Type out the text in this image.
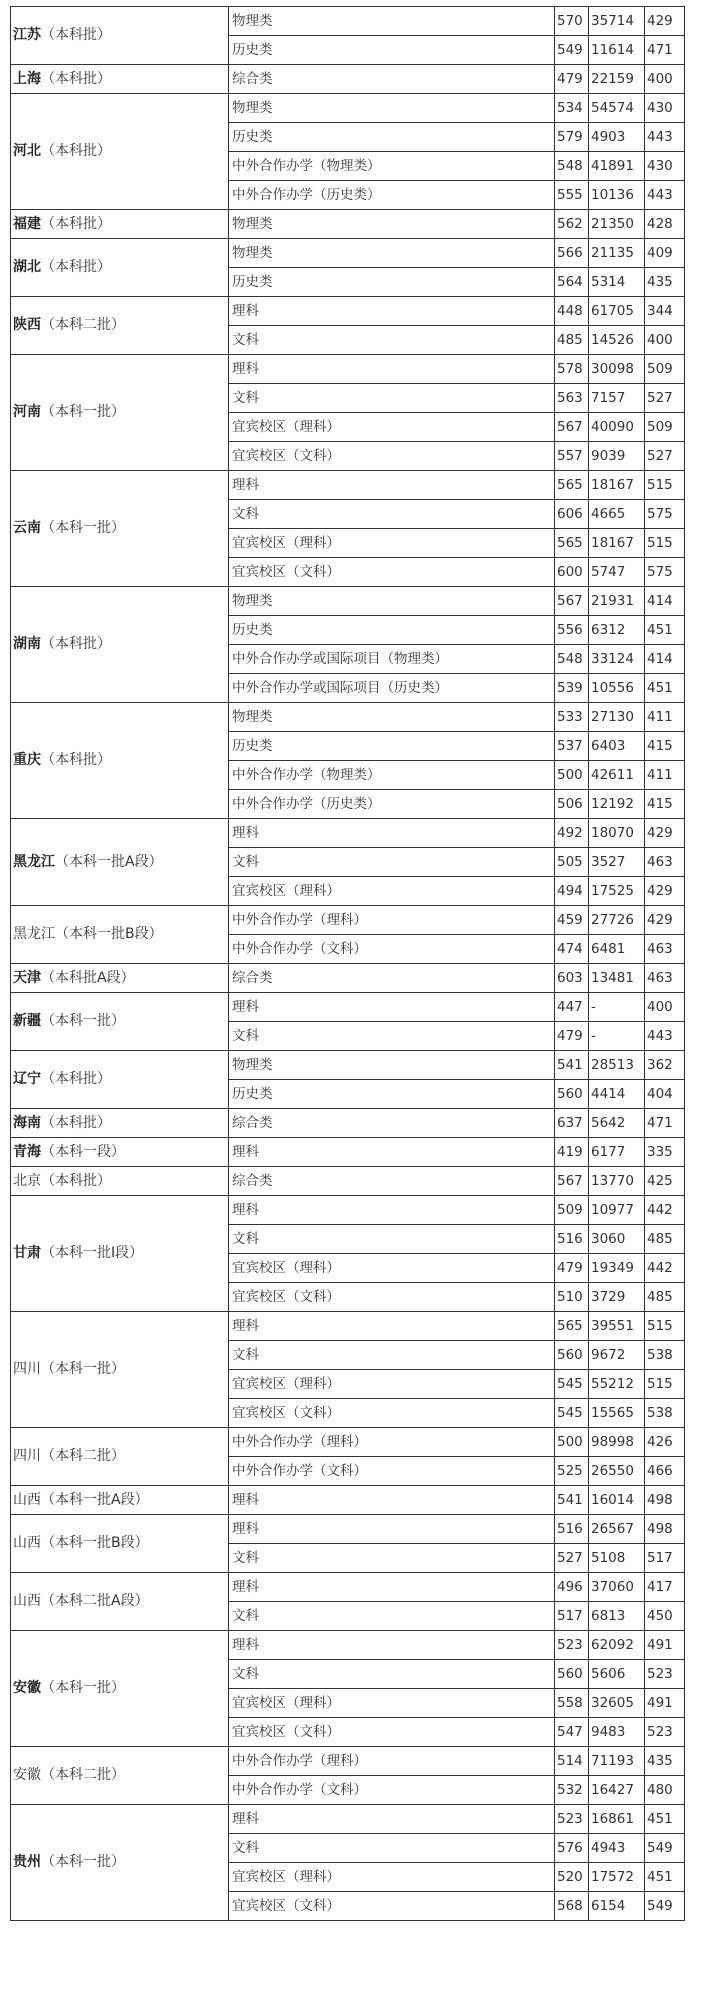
江苏（本科批）	物理类	570	35714	429
	历史类	549	11614	471
上海（本科批）	综合类	479	22159	400
河北（本科批）	物理类	534	54574	430
	历史类	579	4903	443
	中外合作办学（物理类）	548	41891	430
	中外合作办学（历史类）	555	10136	443
福建（本科批）	物理类	562	21350	428
湖北（本科批）	物理类	566	21135	409
	历史类	564	5314	435
陕西（本科二批）	理科	448	61705	344
	文科	485	14526	400
河南（本科一批）	理科	578	30098	509
	文科	563	7157	527
	宜宾校区（理科）	567	40090	509
	宜宾校区（文科）	557	9039	527
云南（本科一批）	理科	565	18167	515
	文科	606	4665	575
	宜宾校区（理科）	565	18167	515
	宜宾校区（文科）	600	5747	575
湖南（本科批）	物理类	567	21931	414
	历史类	556	6312	451
	中外合作办学或国际项目（物理类）	548	33124	414
	中外合作办学或国际项目（历史类）	539	10556	451
重庆（本科批）	物理类	533	27130	411
	历史类	537	6403	415
	中外合作办学（物理类）	500	42611	411
	中外合作办学（历史类）	506	12192	415
黑龙江（本科一批A段）	理科	492	18070	429
	文科	505	3527	463
	宜宾校区（理科）	494	17525	429
黑龙江（本科一批B段）	中外合作办学（理科）	459	27726	429
	中外合作办学（文科）	474	6481	463
天津（本科批A段）	综合类	603	13481	463
新疆（本科一批）	理科	447	-	400
	文科	479	-	443
辽宁（本科批）	物理类	541	28513	362
	历史类	560	4414	404
海南（本科批）	综合类	637	5642	471
青海（本科一段）	理科	419	6177	335
北京（本科批）	综合类	567	13770	425
甘肃（本科一批I段）	理科	509	10977	442
	文科	516	3060	485
	宜宾校区（理科）	479	19349	442
	宜宾校区（文科）	510	3729	485
四川（本科一批）	理科	565	39551	515
	文科	560	9672	538
	宜宾校区（理科）	545	55212	515
	宜宾校区（文科）	545	15565	538
四川（本科二批）	中外合作办学（理科）	500	98998	426
	中外合作办学（文科）	525	26550	466
山西（本科一批A段）	理科	541	16014	498
山西（本科一批B段）	理科	516	26567	498
	文科	527	5108	517
山西（本科二批A段）	理科	496	37060	417
	文科	517	6813	450
安徽（本科一批）	理科	523	62092	491
	文科	560	5606	523
	宜宾校区（理科）	558	32605	491
	宜宾校区（文科）	547	9483	523
安徽（本科二批）	中外合作办学（理科）	514	71193	435
	中外合作办学（文科）	532	16427	480
贵州（本科一批）	理科	523	16861	451
	文科	576	4943	549
	宜宾校区（理科）	520	17572	451
	宜宾校区（文科）	568	6154	549
